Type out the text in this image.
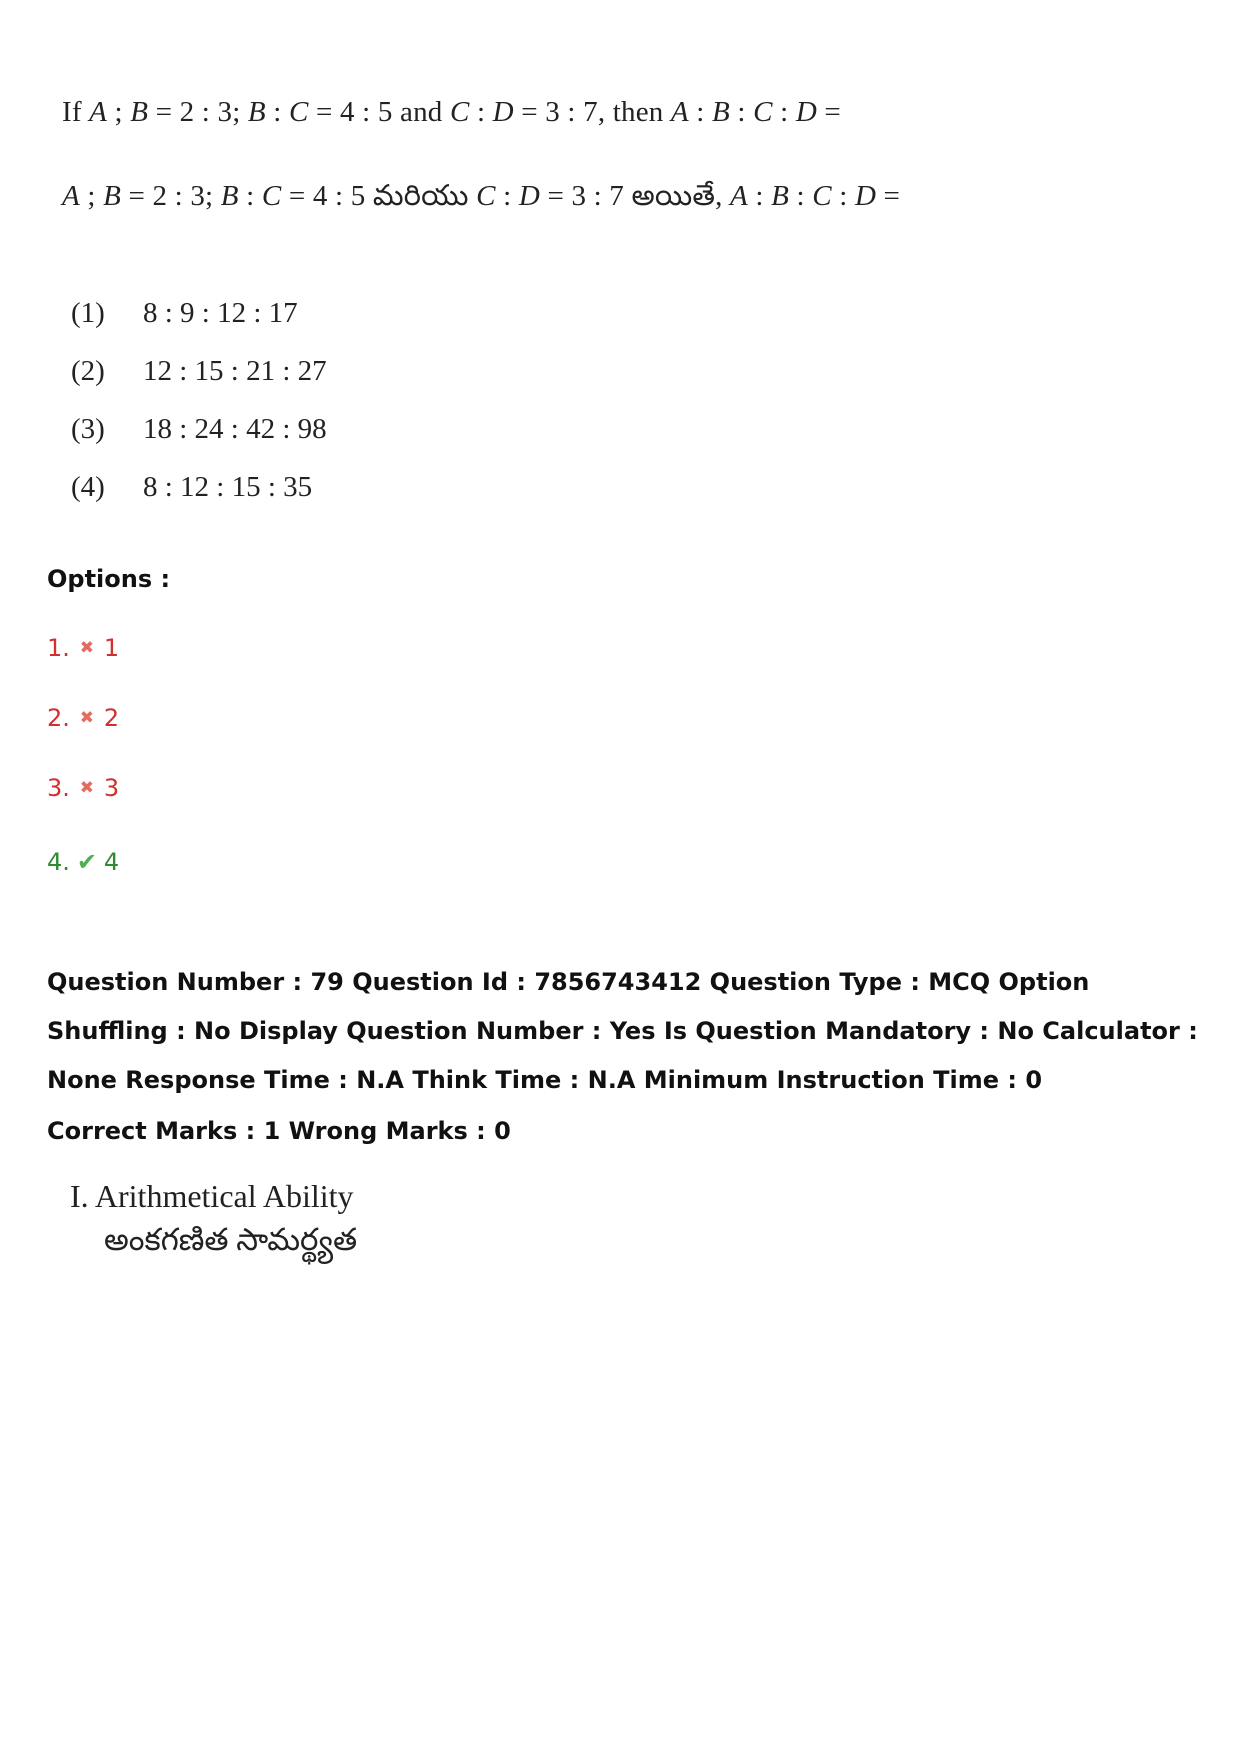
If A ; B = 2 : 3; B : C = 4 : 5 and C : D = 3 : 7, then A : B : C : D =
A ; B = 2 : 3; B : C = 4 : 5 మరియు C : D = 3 : 7 అయితే, A : B : C : D =
(1) 8 : 9 : 12 : 17
(2) 12 : 15 : 21 : 27
(3) 18 : 24 : 42 : 98
(4) 8 : 12 : 15 : 35
Options :
1. ✖ 1
2. ✖ 2
3. ✖ 3
4. ✔ 4
Question Number : 79 Question Id : 7856743412 Question Type : MCQ Option Shuffling : No Display Question Number : Yes Is Question Mandatory : No Calculator : None Response Time : N.A Think Time : N.A Minimum Instruction Time : 0
Correct Marks : 1 Wrong Marks : 0
I. Arithmetical Ability
అంకగణిత సామర్థ్యత
